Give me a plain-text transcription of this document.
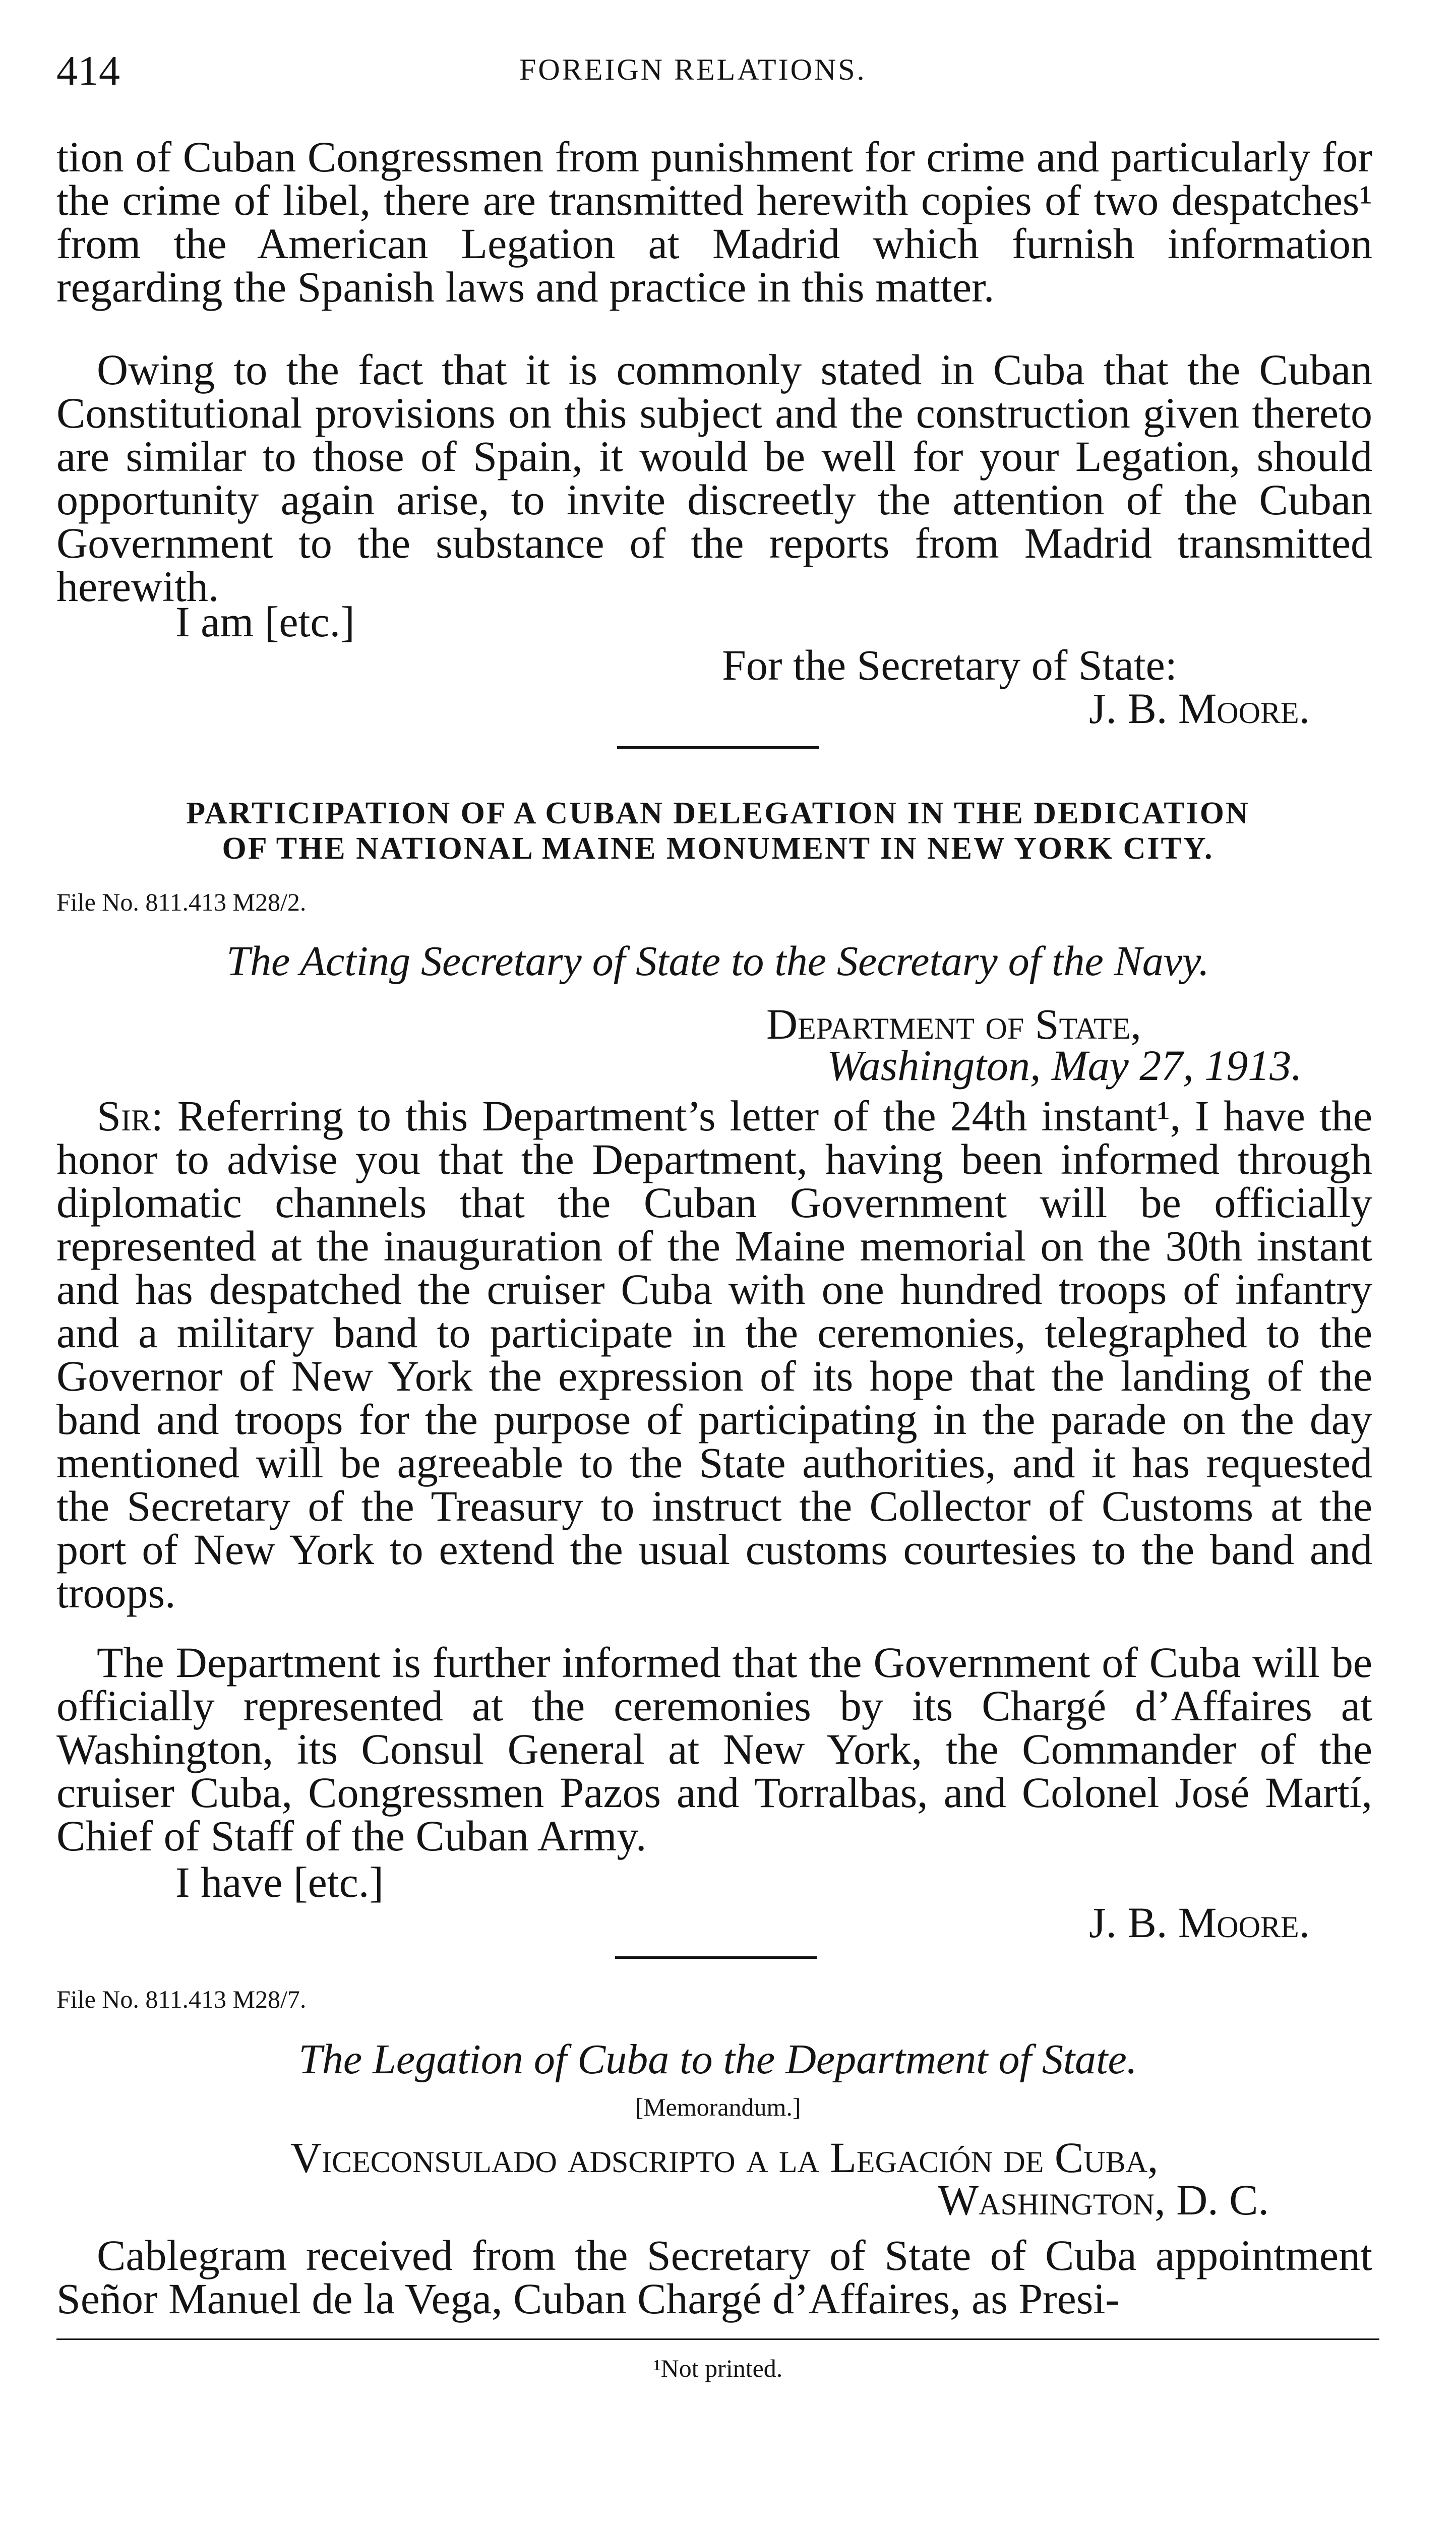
414	FOREIGN RELATIONS.

tion of Cuban Congressmen from punishment for crime and particularly for the crime of libel, there are transmitted herewith copies of two despatches¹ from the American Legation at Madrid which furnish information regarding the Spanish laws and practice in this matter.

Owing to the fact that it is commonly stated in Cuba that the Cuban Constitutional provisions on this subject and the construction given thereto are similar to those of Spain, it would be well for your Legation, should opportunity again arise, to invite discreetly the attention of the Cuban Government to the substance of the reports from Madrid transmitted herewith.

I am [etc.]
For the Secretary of State:
J. B. Moore.
PARTICIPATION OF A CUBAN DELEGATION IN THE DEDICATION
OF THE NATIONAL MAINE MONUMENT IN NEW YORK CITY.
File No. 811.413 M28/2.
The Acting Secretary of State to the Secretary of the Navy.
Department of State,
Washington, May 27, 1913.

Sir: Referring to this Department’s letter of the 24th instant¹, I have the honor to advise you that the Department, having been informed through diplomatic channels that the Cuban Government will be officially represented at the inauguration of the Maine memorial on the 30th instant and has despatched the cruiser Cuba with one hundred troops of infantry and a military band to participate in the ceremonies, telegraphed to the Governor of New York the expression of its hope that the landing of the band and troops for the purpose of participating in the parade on the day mentioned will be agreeable to the State authorities, and it has requested the Secretary of the Treasury to instruct the Collector of Customs at the port of New York to extend the usual customs courtesies to the band and troops.

The Department is further informed that the Government of Cuba will be officially represented at the ceremonies by its Chargé d’Affaires at Washington, its Consul General at New York, the Commander of the cruiser Cuba, Congressmen Pazos and Torralbas, and Colonel José Martí, Chief of Staff of the Cuban Army.

I have [etc.]
J. B. Moore.
File No. 811.413 M28/7.
The Legation of Cuba to the Department of State.
[Memorandum.]
Viceconsulado adscripto a la Legación de Cuba,
Washington, D. C.

Cablegram received from the Secretary of State of Cuba appointment Señor Manuel de la Vega, Cuban Chargé d’Affaires, as Presi-

¹Not printed.
